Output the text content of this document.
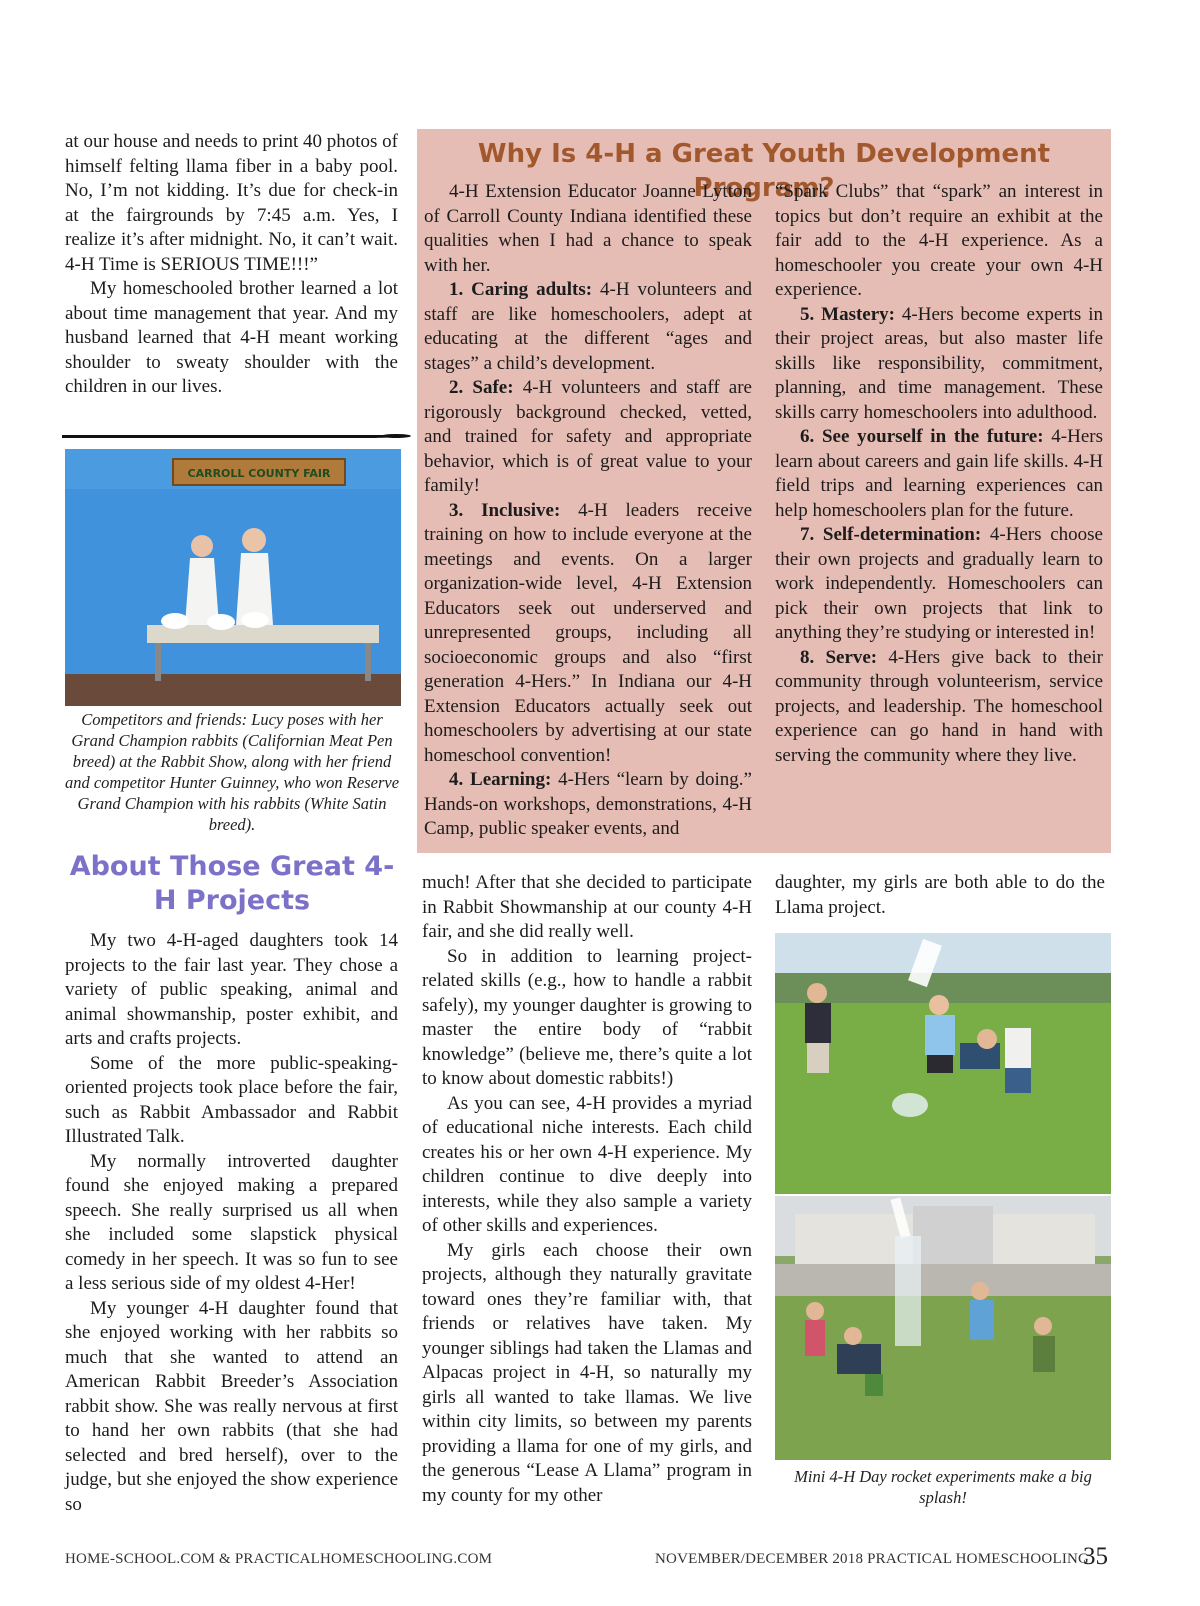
at our house and needs to print 40 photos of himself felting llama fiber in a baby pool. No, I’m not kidding. It’s due for check-in at the fairgrounds by 7:45 a.m. Yes, I realize it’s after midnight. No, it can’t wait. 4-H Time is SERIOUS TIME!!!”

My homeschooled brother learned a lot about time management that year. And my husband learned that 4-H meant working shoulder to sweaty shoulder with the children in our lives.

CARROLL COUNTY FAIR
Competitors and friends: Lucy poses with her Grand Champion rabbits (Californian Meat Pen breed) at the Rabbit Show, along with her friend and competitor Hunter Guinney, who won Reserve Grand Champion with his rabbits (White Satin breed).
About Those Great 4-H Projects

My two 4-H-aged daughters took 14 projects to the fair last year. They chose a variety of public speaking, animal and animal showmanship, poster exhibit, and arts and crafts projects.

Some of the more public-speaking-oriented projects took place before the fair, such as Rabbit Ambassador and Rabbit Illustrated Talk.

My normally introverted daughter found she enjoyed making a prepared speech. She really surprised us all when she included some slapstick physical comedy in her speech. It was so fun to see a less serious side of my oldest 4-Her!

My younger 4-H daughter found that she enjoyed working with her rabbits so much that she wanted to attend an American Rabbit Breeder’s Association rabbit show. She was really nervous at first to hand her own rabbits (that she had selected and bred herself), over to the judge, but she enjoyed the show experience so

Why Is 4-H a Great Youth Development Program?

4-H Extension Educator Joanne Lytton of Carroll County Indiana identified these qualities when I had a chance to speak with her.

1. Caring adults: 4-H volunteers and staff are like homeschoolers, adept at educating at the different “ages and stages” a child’s development.

2. Safe: 4-H volunteers and staff are rigorously background checked, vetted, and trained for safety and appropriate behavior, which is of great value to your family!

3. Inclusive: 4-H leaders receive training on how to include everyone at the meetings and events. On a larger organization-wide level, 4-H Extension Educators seek out underserved and unrepresented groups, including all socioeconomic groups and also “first generation 4-Hers.” In Indiana our 4-H Extension Educators actually seek out homeschoolers by advertising at our state homeschool convention!

4. Learning: 4-Hers “learn by doing.” Hands-on workshops, demonstrations, 4-H Camp, public speaker events, and

“Spark Clubs” that “spark” an interest in topics but don’t require an exhibit at the fair add to the 4-H experience. As a homeschooler you create your own 4-H experience.

5. Mastery: 4-Hers become experts in their project areas, but also master life skills like responsibility, commitment, planning, and time management. These skills carry homeschoolers into adulthood.

6. See yourself in the future: 4-Hers learn about careers and gain life skills. 4-H field trips and learning experiences can help homeschoolers plan for the future.

7. Self-determination: 4-Hers choose their own projects and gradually learn to work independently. Homeschoolers can pick their own projects that link to anything they’re studying or interested in!

8. Serve: 4-Hers give back to their community through volunteerism, service projects, and leadership. The homeschool experience can go hand in hand with serving the community where they live.

much! After that she decided to participate in Rabbit Showmanship at our county 4-H fair, and she did really well.

So in addition to learning project-related skills (e.g., how to handle a rabbit safely), my younger daughter is growing to master the entire body of “rabbit knowledge” (believe me, there’s quite a lot to know about domestic rabbits!)

As you can see, 4-H provides a myriad of educational niche interests. Each child creates his or her own 4-H experience. My children continue to dive deeply into interests, while they also sample a variety of other skills and experiences.

My girls each choose their own projects, although they naturally gravitate toward ones they’re familiar with, that friends or relatives have taken. My younger siblings had taken the Llamas and Alpacas project in 4-H, so naturally my girls all wanted to take llamas. We live within city limits, so between my parents providing a llama for one of my girls, and the generous “Lease A Llama” program in my county for my other

daughter, my girls are both able to do the Llama project.

Mini 4-H Day rocket experiments make a big splash!
HOME-SCHOOL.COM & PRACTICALHOMESCHOOLING.COM	NOVEMBER/DECEMBER 2018 PRACTICAL HOMESCHOOLING
35
